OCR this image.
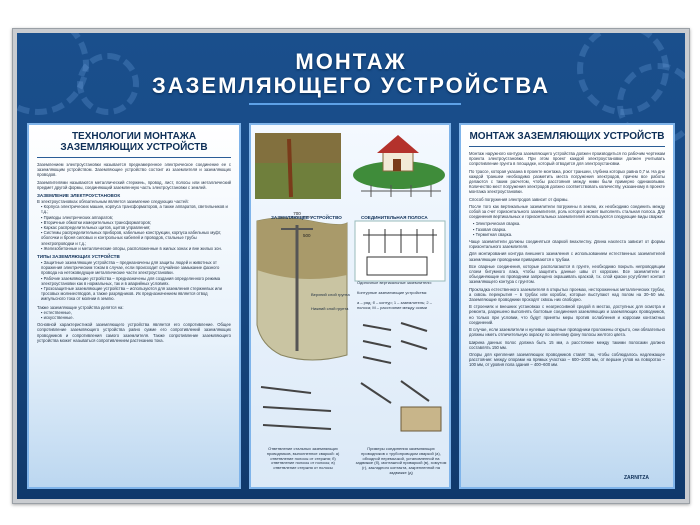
МОНТАЖ
ЗАЗЕМЛЯЮЩЕГО УСТРОЙСТВА
ТЕХНОЛОГИИ МОНТАЖА ЗАЗЕМЛЯЮЩИХ УСТРОЙСТВ

Заземлением электроустановки называется преднамеренное электрическое соединение ее с заземляющим устройством. Заземляющее устройство состоит из заземлителя и заземляющих проводов.

Заземлителями называются металлический стержень, провод, лист, полосы или металлический предмет другой формы, соединяющий заземленную часть электроустановки с землей.

ЗАЗЕМЛЕНИЕ ЭЛЕКТРОУСТАНОВОК
В электроустановках обязательным является заземление следующих частей:
▪ Корпуса электрических машин, корпуса трансформаторов, а также аппаратов, светильников и т.д.;
▪ Приводы электрических аппаратов;
▪ Вторичные обмотки измерительных трансформаторов;
▪ Каркас распределительных щитов, щитов управления;
▪ Системы распределительных приборов, кабельные конструкции, корпуса кабельных муфт, оболочки и броня силовых и контрольных кабелей и проводов, стальные трубы электропроводки и т.д.;
▪ Железобетонные и металлические опоры, расположенные в жилых зонах и вне жилых зон.
ТИПЫ ЗАЗЕМЛЯЮЩИХ УСТРОЙСТВ
▪ Защитные заземляющие устройства – предназначены для защиты людей и животных от поражения электрическим током в случае, если происходит случайное замыкание фазного провода на нетоковедущие металлические части электроустановки.
▪ Рабочие заземляющие устройства – предназначены для создания определенного режима электроустановки как в нормальных, так и в аварийных условиях.
▪ Грозозащитные заземляющие устройства – используются для заземления стержневых или тросовых молниеотводов, а также разрядников. Их предназначением является отвод импульсного тока от молнии в землю.
Также заземляющие устройства делятся на:
▪ естественные,
▪ искусственные.
Основной характеристикой заземляющего устройства является его сопротивление. Общее сопротивление заземляющего устройства равно сумме его сопротивлений заземляющих проводников и сопротивления самого заземлителя. Также сопротивление заземляющего устройства может называться сопротивлением растеканию тока.
700
500
ЗАЗЕМЛЯЮЩЕЕ УСТРОЙСТВО	СОЕДИНИТЕЛЬНАЯ ПОЛОСА
Верхний слой грунта
Нижний слой грунта
Одиночные вертикальные заземлители:
Контурные заземляющие устройства:
а – ряд; б – контур; 1 – заземлитель; 2 – полоса; М – расстояние между осями
Ответвление стальных заземляющих проводников, выполненное сваркой: а) ответвление полосы от стержня; б) ответвление полосы от полосы; в) ответвление стержня от полосы
Примеры соединения заземляющих проводников с трубопроводом сваркой (а), обходной перемычкой, установленной на задвижке (б), монтажной приваркой (в), хомутом (г), закладного контакта, закрепленной на задвижке (д)
МОНТАЖ ЗАЗЕМЛЯЮЩИХ УСТРОЙСТВ

Монтаж наружного контура заземляющего устройства должен производиться по рабочим чертежам проекта электроустановки. При этом проект каждой электроустановки должен учитывать сопротивление грунта в площадке, который отводится для электроустановки.

По трассе, которая указана в проекте монтажа, роют траншеи, глубина которых равна 0,7 м. На дне каждой траншеи необходимо разметить места погружения электродов, причем все работы делаются с таким расчетом, чтобы расстояния между ними были примерно одинаковыми. Количество мест погружения электродов должно соответствовать количеству, указанному в проекте монтажа электроустановки.

Способ погружения электродов зависит от формы.

После того как вертикальные заземлители погружены в землю, их необходимо соединить между собой за счет горизонтального заземлителя, роль которого может выполнять стальная полоса. Для соединения вертикальных и горизонтальных заземлителей используются следующие виды сварки:

▪ Электрическая сварка.
▪ Газовая сварка.
▪ Термитная сварка.

Чаще заземлители должны соединяться сваркой внахлестку. Длина нахлеста зависит от формы горизонтального заземлителя.

Для монтирования контура внешнего заземления с использованием естественных заземлителей заземляющие проводники привариваются к трубам.

Все сварные соединения, которые располагаются в грунте, необходимо покрыть непроводящим слоем битумного лака, чтобы защитить данные швы от коррозии. Все заземлители и объединяющие их проводники запрещено окрашивать краской, т.к. слой краски усугубляет контакт заземляющего контура с грунтом.

Прокладка естественного заземлителя в открытых проемах, нестороженных металлических трубах, а сквозь перекрытия – в трубах или коробах, которые выступают над полом на 30–50 мм. Заземляющие проводники проходят сквозь них свободно.

В строениях и внешних установках с неагрессивной средой в местах, доступных для осмотра и ремонта, разрешено выполнять болтовые соединения заземляющих и заземляющих проводников, но только при условии, что будут приняты меры против ослабления и коррозии контактных соединений.

В случае, если заземлители и нулевые защитные проводники проложены открыто, они обязательно должны иметь отличительную окраску по зеленому фону полосы желтого цвета.

Ширина данных полос должна быть 15 мм, а расстояние между такими полосами должно составлять 150 мм.

Опоры для крепления заземляющих проводников ставят так, чтобы соблюдалось надлежащее расстояние: между опорами на прямых участках – 600–1000 мм, от вершин углов на поворотах – 100 мм, от уровня пола здания – 400–600 мм.

ZARNITZA
